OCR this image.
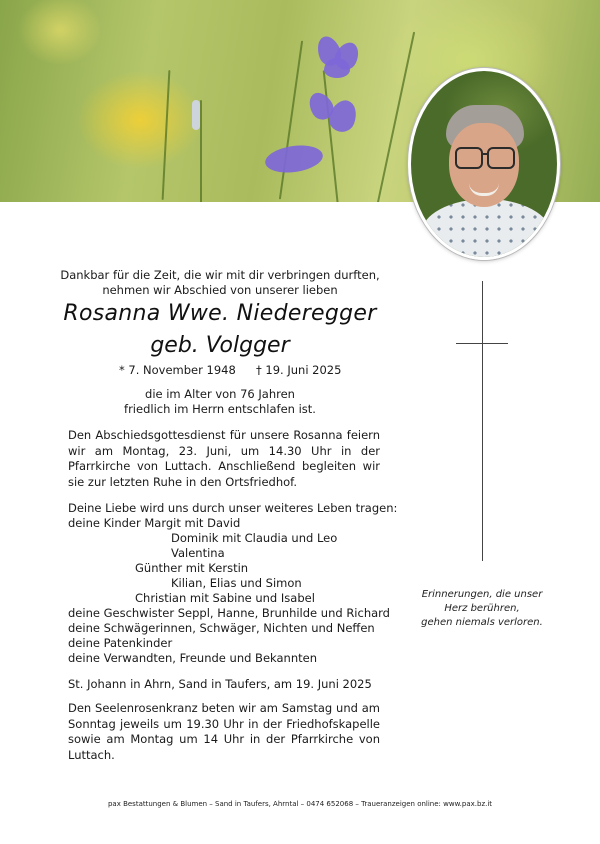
Dankbar für die Zeit, die wir mit dir verbringen durften,
nehmen wir Abschied von unserer lieben
Rosanna Wwe. Niederegger
geb. Volgger
* 7. November 1948 † 19. Juni 2025
die im Alter von 76 Jahren
friedlich im Herrn entschlafen ist.
Den Abschiedsgottesdienst für unsere Rosanna feiern wir am Montag, 23. Juni, um 14.30 Uhr in der Pfarrkirche von Luttach. Anschließend begleiten wir sie zur letzten Ruhe in den Ortsfriedhof.
Deine Liebe wird uns durch unser weiteres Leben tragen:
deine Kinder Margit mit David
Dominik mit Claudia und Leo
Valentina
Günther mit Kerstin
Kilian, Elias und Simon
Christian mit Sabine und Isabel
deine Geschwister Seppl, Hanne, Brunhilde und Richard
deine Schwägerinnen, Schwäger, Nichten und Neffen
deine Patenkinder
deine Verwandten, Freunde und Bekannten
St. Johann in Ahrn, Sand in Taufers, am 19. Juni 2025
Den Seelenrosenkranz beten wir am Samstag und am Sonntag jeweils um 19.30 Uhr in der Friedhofskapelle sowie am Montag um 14 Uhr in der Pfarrkirche von Luttach.
Erinnerungen, die unser
Herz berühren,
gehen niemals verloren.
pax Bestattungen & Blumen – Sand in Taufers, Ahrntal – 0474 652068 – Traueranzeigen online: www.pax.bz.it
